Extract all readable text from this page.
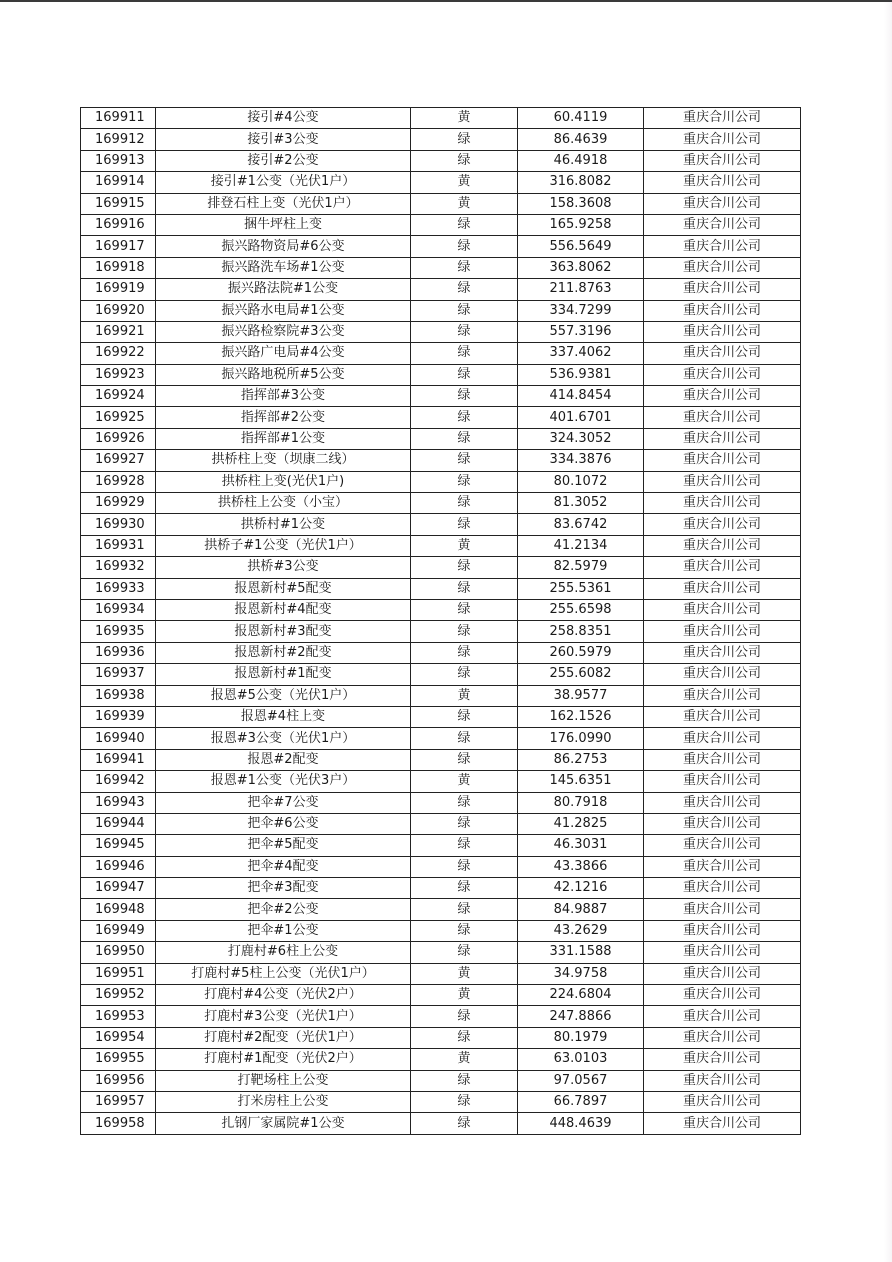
169911	接引#4公变	黄	60.4119	重庆合川公司
169912	接引#3公变	绿	86.4639	重庆合川公司
169913	接引#2公变	绿	46.4918	重庆合川公司
169914	接引#1公变（光伏1户）	黄	316.8082	重庆合川公司
169915	排登石柱上变（光伏1户）	黄	158.3608	重庆合川公司
169916	捆牛坪柱上变	绿	165.9258	重庆合川公司
169917	振兴路物资局#6公变	绿	556.5649	重庆合川公司
169918	振兴路洗车场#1公变	绿	363.8062	重庆合川公司
169919	振兴路法院#1公变	绿	211.8763	重庆合川公司
169920	振兴路水电局#1公变	绿	334.7299	重庆合川公司
169921	振兴路检察院#3公变	绿	557.3196	重庆合川公司
169922	振兴路广电局#4公变	绿	337.4062	重庆合川公司
169923	振兴路地税所#5公变	绿	536.9381	重庆合川公司
169924	指挥部#3公变	绿	414.8454	重庆合川公司
169925	指挥部#2公变	绿	401.6701	重庆合川公司
169926	指挥部#1公变	绿	324.3052	重庆合川公司
169927	拱桥柱上变（坝康二线）	绿	334.3876	重庆合川公司
169928	拱桥柱上变(光伏1户)	绿	80.1072	重庆合川公司
169929	拱桥柱上公变（小宝）	绿	81.3052	重庆合川公司
169930	拱桥村#1公变	绿	83.6742	重庆合川公司
169931	拱桥子#1公变（光伏1户）	黄	41.2134	重庆合川公司
169932	拱桥#3公变	绿	82.5979	重庆合川公司
169933	报恩新村#5配变	绿	255.5361	重庆合川公司
169934	报恩新村#4配变	绿	255.6598	重庆合川公司
169935	报恩新村#3配变	绿	258.8351	重庆合川公司
169936	报恩新村#2配变	绿	260.5979	重庆合川公司
169937	报恩新村#1配变	绿	255.6082	重庆合川公司
169938	报恩#5公变（光伏1户）	黄	38.9577	重庆合川公司
169939	报恩#4柱上变	绿	162.1526	重庆合川公司
169940	报恩#3公变（光伏1户）	绿	176.0990	重庆合川公司
169941	报恩#2配变	绿	86.2753	重庆合川公司
169942	报恩#1公变（光伏3户）	黄	145.6351	重庆合川公司
169943	把伞#7公变	绿	80.7918	重庆合川公司
169944	把伞#6公变	绿	41.2825	重庆合川公司
169945	把伞#5配变	绿	46.3031	重庆合川公司
169946	把伞#4配变	绿	43.3866	重庆合川公司
169947	把伞#3配变	绿	42.1216	重庆合川公司
169948	把伞#2公变	绿	84.9887	重庆合川公司
169949	把伞#1公变	绿	43.2629	重庆合川公司
169950	打鹿村#6柱上公变	绿	331.1588	重庆合川公司
169951	打鹿村#5柱上公变（光伏1户）	黄	34.9758	重庆合川公司
169952	打鹿村#4公变（光伏2户）	黄	224.6804	重庆合川公司
169953	打鹿村#3公变（光伏1户）	绿	247.8866	重庆合川公司
169954	打鹿村#2配变（光伏1户）	绿	80.1979	重庆合川公司
169955	打鹿村#1配变（光伏2户）	黄	63.0103	重庆合川公司
169956	打靶场柱上公变	绿	97.0567	重庆合川公司
169957	打米房柱上公变	绿	66.7897	重庆合川公司
169958	扎钢厂家属院#1公变	绿	448.4639	重庆合川公司
